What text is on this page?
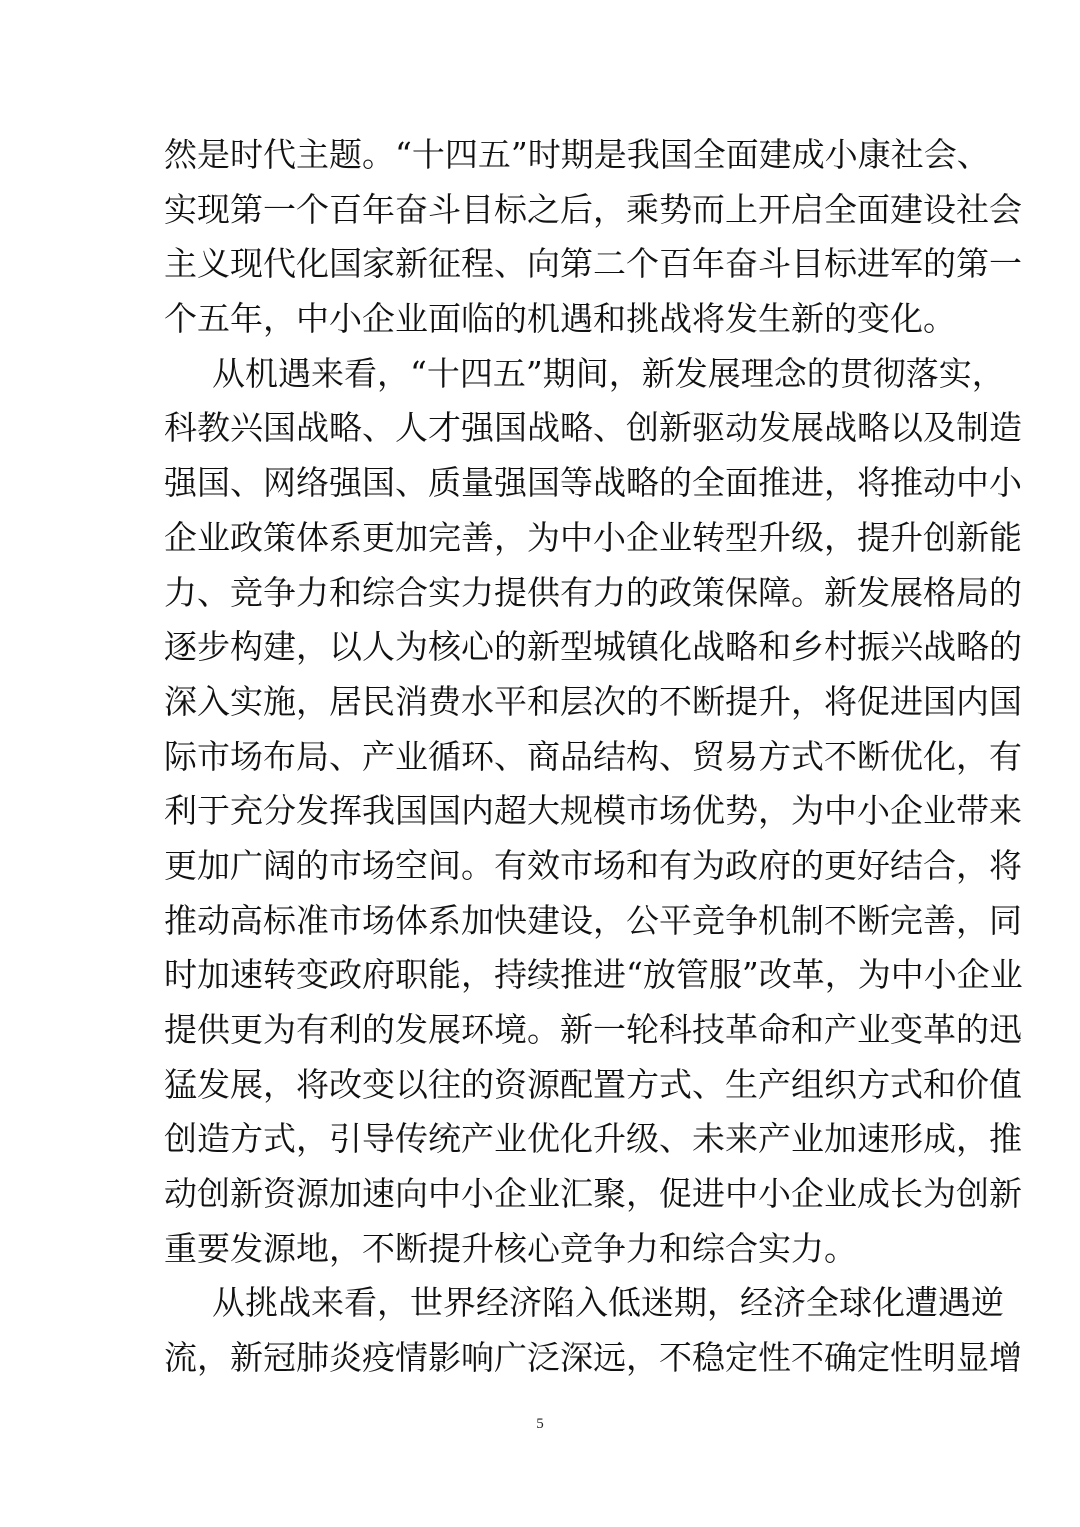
然是时代主题。“十四五”时期是我国全面建成小康社会、
实现第一个百年奋斗目标之后，乘势而上开启全面建设社会
主义现代化国家新征程、向第二个百年奋斗目标进军的第一
个五年，中小企业面临的机遇和挑战将发生新的变化。
从机遇来看，“十四五”期间，新发展理念的贯彻落实，
科教兴国战略、人才强国战略、创新驱动发展战略以及制造
强国、网络强国、质量强国等战略的全面推进，将推动中小
企业政策体系更加完善，为中小企业转型升级，提升创新能
力、竞争力和综合实力提供有力的政策保障。新发展格局的
逐步构建，以人为核心的新型城镇化战略和乡村振兴战略的
深入实施，居民消费水平和层次的不断提升，将促进国内国
际市场布局、产业循环、商品结构、贸易方式不断优化，有
利于充分发挥我国国内超大规模市场优势，为中小企业带来
更加广阔的市场空间。有效市场和有为政府的更好结合，将
推动高标准市场体系加快建设，公平竞争机制不断完善，同
时加速转变政府职能，持续推进“放管服”改革，为中小企业
提供更为有利的发展环境。新一轮科技革命和产业变革的迅
猛发展，将改变以往的资源配置方式、生产组织方式和价值
创造方式，引导传统产业优化升级、未来产业加速形成，推
动创新资源加速向中小企业汇聚，促进中小企业成长为创新
重要发源地，不断提升核心竞争力和综合实力。
从挑战来看，世界经济陷入低迷期，经济全球化遭遇逆
流，新冠肺炎疫情影响广泛深远，不稳定性不确定性明显增
5
